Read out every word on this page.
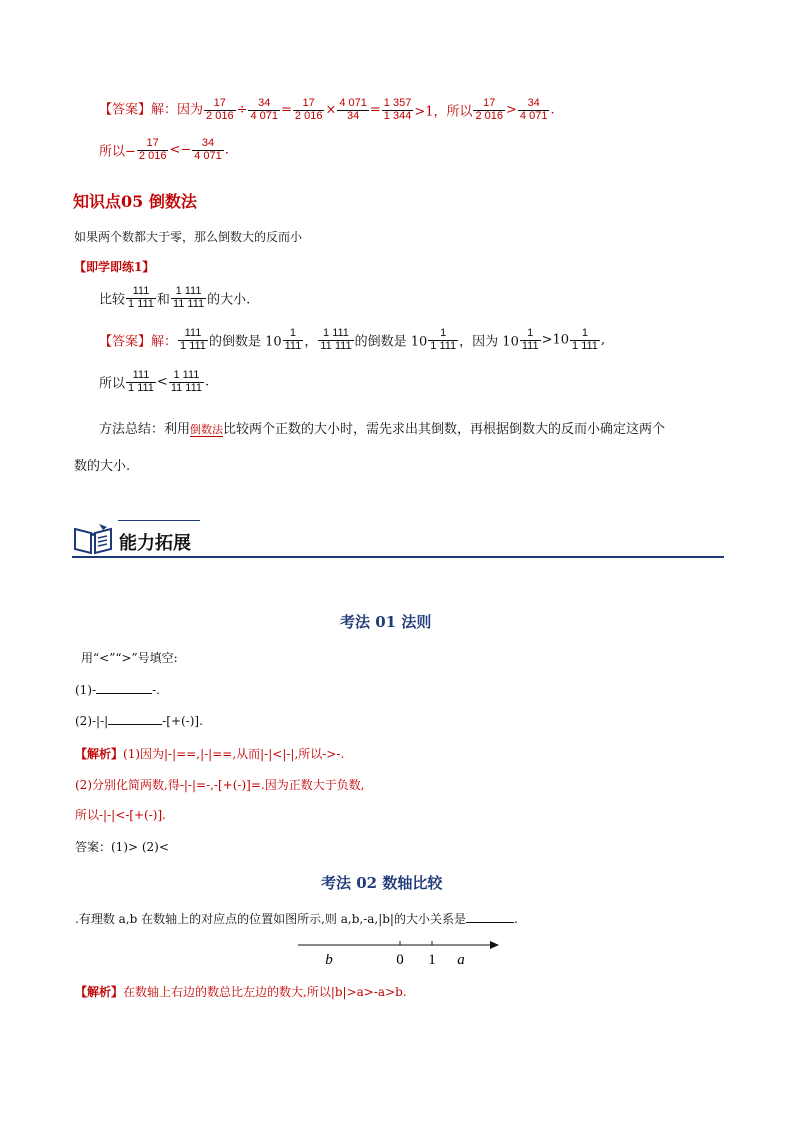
【答案】解：因为 $\frac{17}{2 016} \div \frac{34}{4 071} = \frac{17}{2 016} \times \frac{4 071}{34} = \frac{1 357}{1 344} >1$，所以 $\frac{17}{2 016} > \frac{34}{4 071}$ .
所以− $\frac{17}{2 016} <- \frac{34}{4 071}$ .
知识点05 倒数法
如果两个数都大于零，那么倒数大的反而小
【即学即练1】
比较 $\frac{111}{1 111}$ 和 $\frac{1 111}{11 111}$ 的大小.
【答案】解： $\frac{111}{1 111}$ 的倒数是 $10 \frac{1}{111}$ ， $\frac{1 111}{11 111}$ 的倒数是 $10 \frac{1}{1 111}$ ，因为 $10 \frac{1}{111} >10 \frac{1}{1 111}$ ,
所以 $\frac{111}{1 111} < \frac{1 111}{11 111}$ .
方法总结：利用倒数法比较两个正数的大小时，需先求出其倒数，再根据倒数大的反而小确定这两个
数的大小.
能力拓展
考法 01 法则
用“<”“>”号填空:
(1)-	-.
(2)-|-|	-[+(-)].
【解析】(1)因为|-|==,|-|==,从而|-|<|-|,所以->-.
(2)分别化简两数,得-|-|=-,-[+(-)]=.因为正数大于负数,
所以-|-|<-[+(-)].
答案：(1)> (2)<
考法 02 数轴比较
.有理数 a,b 在数轴上的对应点的位置如图所示,则 a,b,-a,|b|的大小关系是	.
b	0 1 a
【解析】在数轴上右边的数总比左边的数大,所以|b|>a>-a>b.
